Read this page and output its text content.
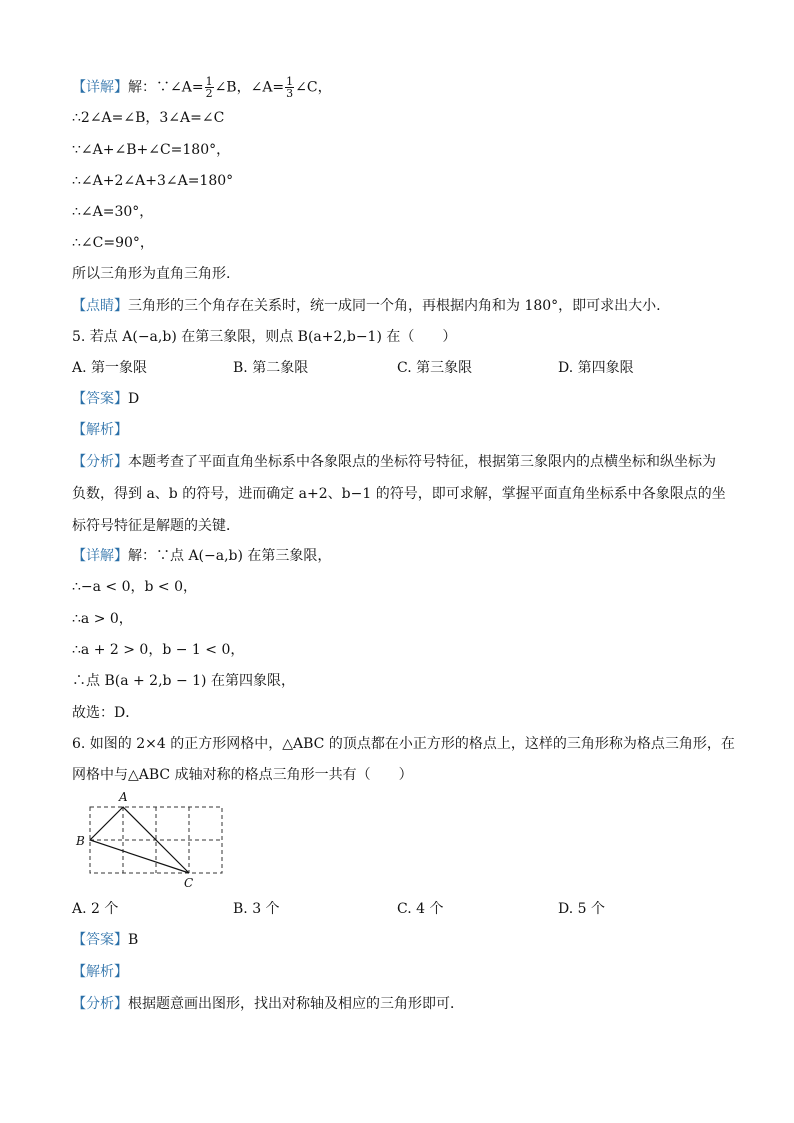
【详解】解：∵∠A= $\frac{1}{2}$ ∠B，∠A= $\frac{1}{3}$ ∠C，
∴2∠A=∠B，3∠A=∠C
∵∠A+∠B+∠C=180°，
∴∠A+2∠A+3∠A=180°
∴∠A=30°，
∴∠C=90°，
所以三角形为直角三角形.
【点睛】三角形的三个角存在关系时，统一成同一个角，再根据内角和为 180°，即可求出大小.
5. 若点 A(−a,b) 在第三象限，则点 B(a+2,b−1) 在（　　）
A. 第一象限	B. 第二象限	C. 第三象限	D. 第四象限
【答案】D
【解析】
【分析】本题考查了平面直角坐标系中各象限点的坐标符号特征，根据第三象限内的点横坐标和纵坐标为
负数，得到 a、b 的符号，进而确定 a+2、b−1 的符号，即可求解，掌握平面直角坐标系中各象限点的坐
标符号特征是解题的关键．
【详解】解：∵点 A(−a,b) 在第三象限，
∴−a < 0，b < 0，
∴a > 0，
∴a + 2 > 0，b − 1 < 0，
∴点 B(a + 2,b − 1) 在第四象限，
故选：D．
6. 如图的 2×4 的正方形网格中，△ABC 的顶点都在小正方形的格点上，这样的三角形称为格点三角形，在
网格中与△ABC 成轴对称的格点三角形一共有（　　）
A
B
C
A. 2 个	B. 3 个	C. 4 个	D. 5 个
【答案】B
【解析】
【分析】根据题意画出图形，找出对称轴及相应的三角形即可．
